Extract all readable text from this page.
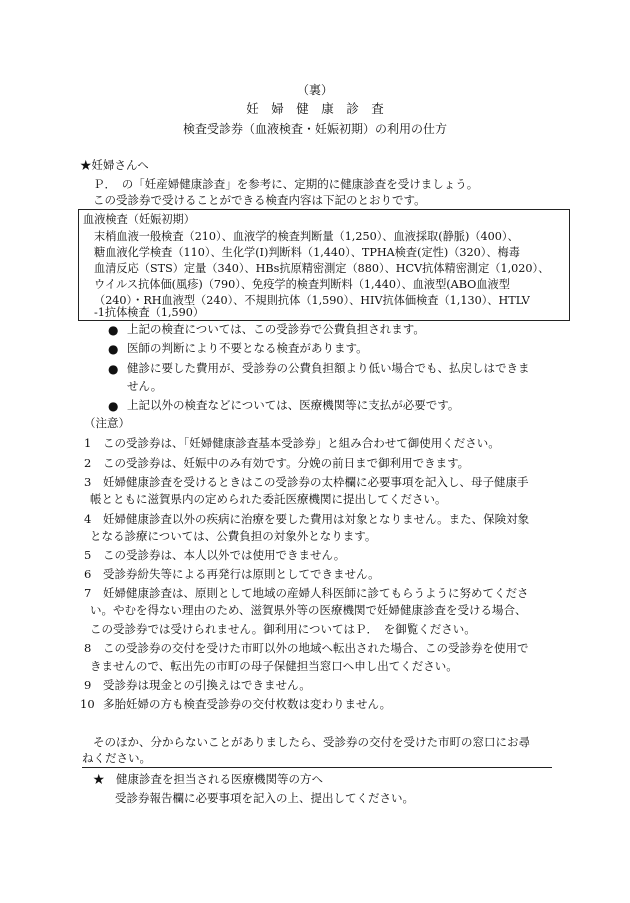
（裏）
妊　婦　健　康　診　査
検査受診券（血液検査・妊娠初期）の利用の仕方
★妊婦さんへ
Ｐ．　の「妊産婦健康診査」を参考に、定期的に健康診査を受けましょう。
この受診券で受けることができる検査内容は下記のとおりです。
血液検査（妊娠初期）
末梢血液一般検査（210）、血液学的検査判断量（1,250）、血液採取(静脈)（400）、
糖血液化学検査（110）、生化学(Ⅰ)判断料（1,440）、TPHA検査(定性)（320）、梅毒
血清反応（STS）定量（340）、HBs抗原精密測定（880）、HCV抗体精密測定（1,020）、
ウイルス抗体価(風疹)（790）、免疫学的検査判断料（1,440）、血液型(ABO血液型
（240）・RH血液型（240）、不規則抗体（1,590）、HIV抗体価検査（1,130）、HTLV
-1抗体検査（1,590）
● 上記の検査については、この受診券で公費負担されます。
● 医師の判断により不要となる検査があります。
● 健診に要した費用が、受診券の公費負担額より低い場合でも、払戻しはできま
せん。
● 上記以外の検査などについては、医療機関等に支払が必要です。
（注意）
1 この受診券は、「妊婦健康診査基本受診券」と組み合わせて御使用ください。
2 この受診券は、妊娠中のみ有効です。分娩の前日まで御利用できます。
3 妊婦健康診査を受けるときはこの受診券の太枠欄に必要事項を記入し、母子健康手
帳とともに滋賀県内の定められた委託医療機関に提出してください。
4 妊婦健康診査以外の疾病に治療を要した費用は対象となりません。また、保険対象
となる診療については、公費負担の対象外となります。
5 この受診券は、本人以外では使用できません。
6 受診券紛失等による再発行は原則としてできません。
7 妊婦健康診査は、原則として地域の産婦人科医師に診てもらうように努めてくださ
い。やむを得ない理由のため、滋賀県外等の医療機関で妊婦健康診査を受ける場合、
この受診券では受けられません。御利用についてはＰ．　を御覧ください。
8 この受診券の交付を受けた市町以外の地域へ転出された場合、この受診券を使用で
きませんので、転出先の市町の母子保健担当窓口へ申し出てください。
9 受診券は現金との引換えはできません。
10 多胎妊婦の方も検査受診券の交付枚数は変わりません。
そのほか、分からないことがありましたら、受診券の交付を受けた市町の窓口にお尋
ねください。
★　健康診査を担当される医療機関等の方へ
受診券報告欄に必要事項を記入の上、提出してください。
